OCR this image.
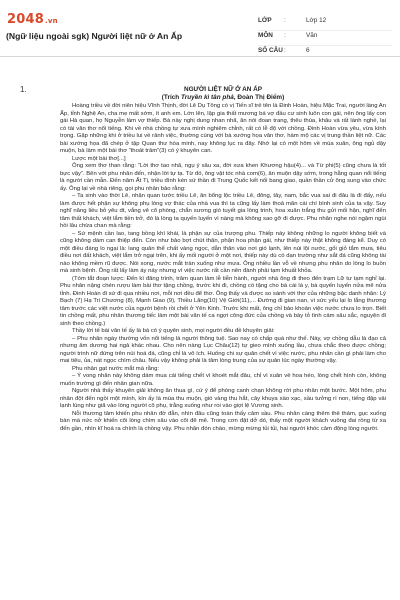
2048.vn
(Ngữ liệu ngoài sgk) Người liệt nữ ở An Ấp
LỚP :	Lớp 12
MÔN :	Văn
SỐ CÂU :	6
1.	NGƯỜI LIỆT NỮ Ở AN ẤP
(Trích Truyền kì tân phả, Đoàn Thị Điểm)

Hoàng triều về đời niên hiệu Vĩnh Thịnh, đời Lê Dụ Tông có vị Tiến sĩ trẻ tên là Đinh Hoàn, hiệu Mặc Trai, người làng An Ấp, tỉnh Nghệ An, cha mẹ mất sớm, ít anh em. Lớn lên, lập gia thất mương bá vợ đầu cư sinh luôn con gái, nên ông lấy con gái Hà quan, họ Nguyễn làm vợ thiếp. Bà này nghị dung nhan nhã, ăn nói đoan trang, thêu thùa, khâu vá rất lành nghề, lại có tài văn thơ nổi tiếng. Khi về nhà chồng tự xưa mình nghiêm chỉnh, rất có lễ độ với chồng. Đinh Hoàn vừa yêu, vừa kính trọng. Gặp những khi ở triều lui về rảnh việc, thường cùng với bà xướng họa văn thơ, hàm mộ các vị trung thần liệt nữ. Các bài xướng họa đã chép ở tập Quan thư hòa minh, nay không lục ra đây. Nhớ lại có một hôm về mùa xuân, ông ngủ dậy muộn, bà làm một bài thơ “thoát trâm”(3) có ý khuyên can.

Lược một bài thơ[...]

Ông xem thơ than rằng: “Lời thơ tao nhã, ngụ ý sâu xa, đời xưa khen Khương hậu(4)... và Từ phi(5) cũng chưa là tốt bực vậy”. Bên với phu nhân đến, nhận lời tự tạ. Từ đó, ông vật tóc nhà com(6), ăn muộn dậy sớm, trong hằng quan nổi tiếng là người cần mẫn. Đến năm Ất Tị, triều đình kén sứ thần đi Trung Quốc kết nối bang giao, quần thần cử ông sung vào chức ấy. Ông lại về nhà riêng, gọi phu nhân bảo rằng:

– Ta sinh vào thời Lê, nhận quan tước triều Lê, ăn bổng lộc triều Lê, đông, tây, nam, bắc vua sai đi đâu là đi đấy, nếu làm được hết phận sự không phụ lòng vợ thác của nhà vua thì ta cũng lấy làm thoả mãn cái chí bình sinh của ta vậy. Suy nghĩ năng liều bỏ yêu dt, vắng vẻ cô phòng, chắn sương gió tuyết gia lòng trinh, hoa xuân trắng thu gửi mối hận, nghĩ đến tâm thất khách, việt lắm tiền trở, đó là lòng ta quyến luyến vì nàng mà không sao gỡ đi được. Phu nhân nghe nói ngậm ngùi hồi lâu chừa chan mà rằng:

– Sứ mệnh cần lao, tang bồng khí khái, là phận sự của trượng phu. Thiếp này không những lo người không biết và cũng không dám can thiệp đến. Còn như bảo bợt chút thân, phận hoa phận gái, như thiếp này thật không đáng kể. Duy có một điều đáng lo ngại là: lang quân thể chất vàng ngọc, dẫn thân vào nơi gió lạnh, lên núi lội nước, gối giỏ tắm mưa, tiêu điều nơi đất khách, việt lắm trở ngại trên, khi ấy mối người ở một nơi, thiếp này dù có dạn trường như sắt đá cũng không tài nào không mềm rũ được. Nói xong, nước mắt tràn xuống như mưa. Ông nhiều lần vỗ về nhưng phu nhân do lòng lo buồn mà sinh bệnh. Ông rất lấy làm áy náy nhưng vì việc nước rất cần nên đành phải tạm khuất khỏa.

(Tóm tắt đoạn lược: Đến kì đăng trình, trăm quan làm lễ tiễn hành, người nhà ông đi theo đến trạm Lữ tư tạm nghỉ lại. Phu nhân nặng chén rượu làm bài thơ tặng chồng, trước khi đi, chồng có tặng cho bà cái lá y, bà quyến luyến nửa mê nửa tỉnh. Đinh Hoàn đi sứ đi qua nhiều nơi, mỗi nơi đều để thơ. Ông thấy và được so sánh với thơ của những bậc danh nhân: Lý Bạch (7) Hạ Tri Chương (8), Mạnh Giao (9), Thiều Lăng(10) Vệ Giới(11),... Đường đi gian nan, vì sức yếu lại lo lắng thương tâm trước các việt nước của người bệnh rồi chết ở Yên Kinh. Trước khi mất, ông chỉ bảo khoản việc nước chưa lo trọn. Biết tin chồng mất, phu nhân thương tiếc làm một bài văn tế ca ngợi công đức của chồng và bày tỏ tình cảm sâu sắc, nguyện đi sinh theo chồng.)

Thầy lời tế bài văn tế ấy là bà có ý quyên sinh, mọi người đều đề khuyên giải:

– Phu nhân ngày thường vốn nổi tiếng là người thông tuệ. Sao nay có chấp quá như thế. Này, vợ chồng dẫu là đạo cả nhưng âm dương hai ngả khác nhau. Cho nên nàng Lục Châu(12) tự gieo mình xuống lầu, chưa chắc theo được chồng; người trinh nữ đứng trên núi hoá đá, cũng chỉ là vô ích. Huống chi sự quân chết vì việc nước, phu nhân cần gì phải làm cho mai tiêu, ủa, nát ngọc chìm châu. Nếu vậy không phải là tâm lòng trung của sự quân lúc ngày thường vậy.

Phu nhân gạt nước mắt mà rằng:

– Ý vong nhân này không dám mua cái tiếng chết vì khoét mắt đâu, chỉ vì xuân vẻ hoa héo, lòng chết hình còn, không muốn trường gì đến nhân gian nữa.

Người nhà thấy khuyên giải không ăn thua gì, cứ ý để phòng canh chạn không rời phu nhân một bước. Một hôm, phu nhân đột đến ngồi một mình, kín ấy là mùa thu muộn, gió vàng thu hắt, cây khuya xào xạc, sầu tưởng rì non, tiếng đập vải lạnh lùng như giã vào lòng người cô phụ, trằng xuống như roi vào giọt lệ Vương sinh.

Nỗi thương tâm khiến phu nhân đờ đẫn, nhìn đâu cũng toàn thấy cảm sầu. Phu nhân càng thêm thê thảm, gục xuống bàn mà nức nở khiến cõi lòng chìm sâu vào cõi đê mê. Trong cơn đặt dở dó, thấy một người khách vuông đai rồng từ xa đến gần, nhìn kĩ hoá ra chính là chồng vậy. Phu nhân đón chào, mừng mừng tủi tủi, hai người khóc cảm động lòng người.
